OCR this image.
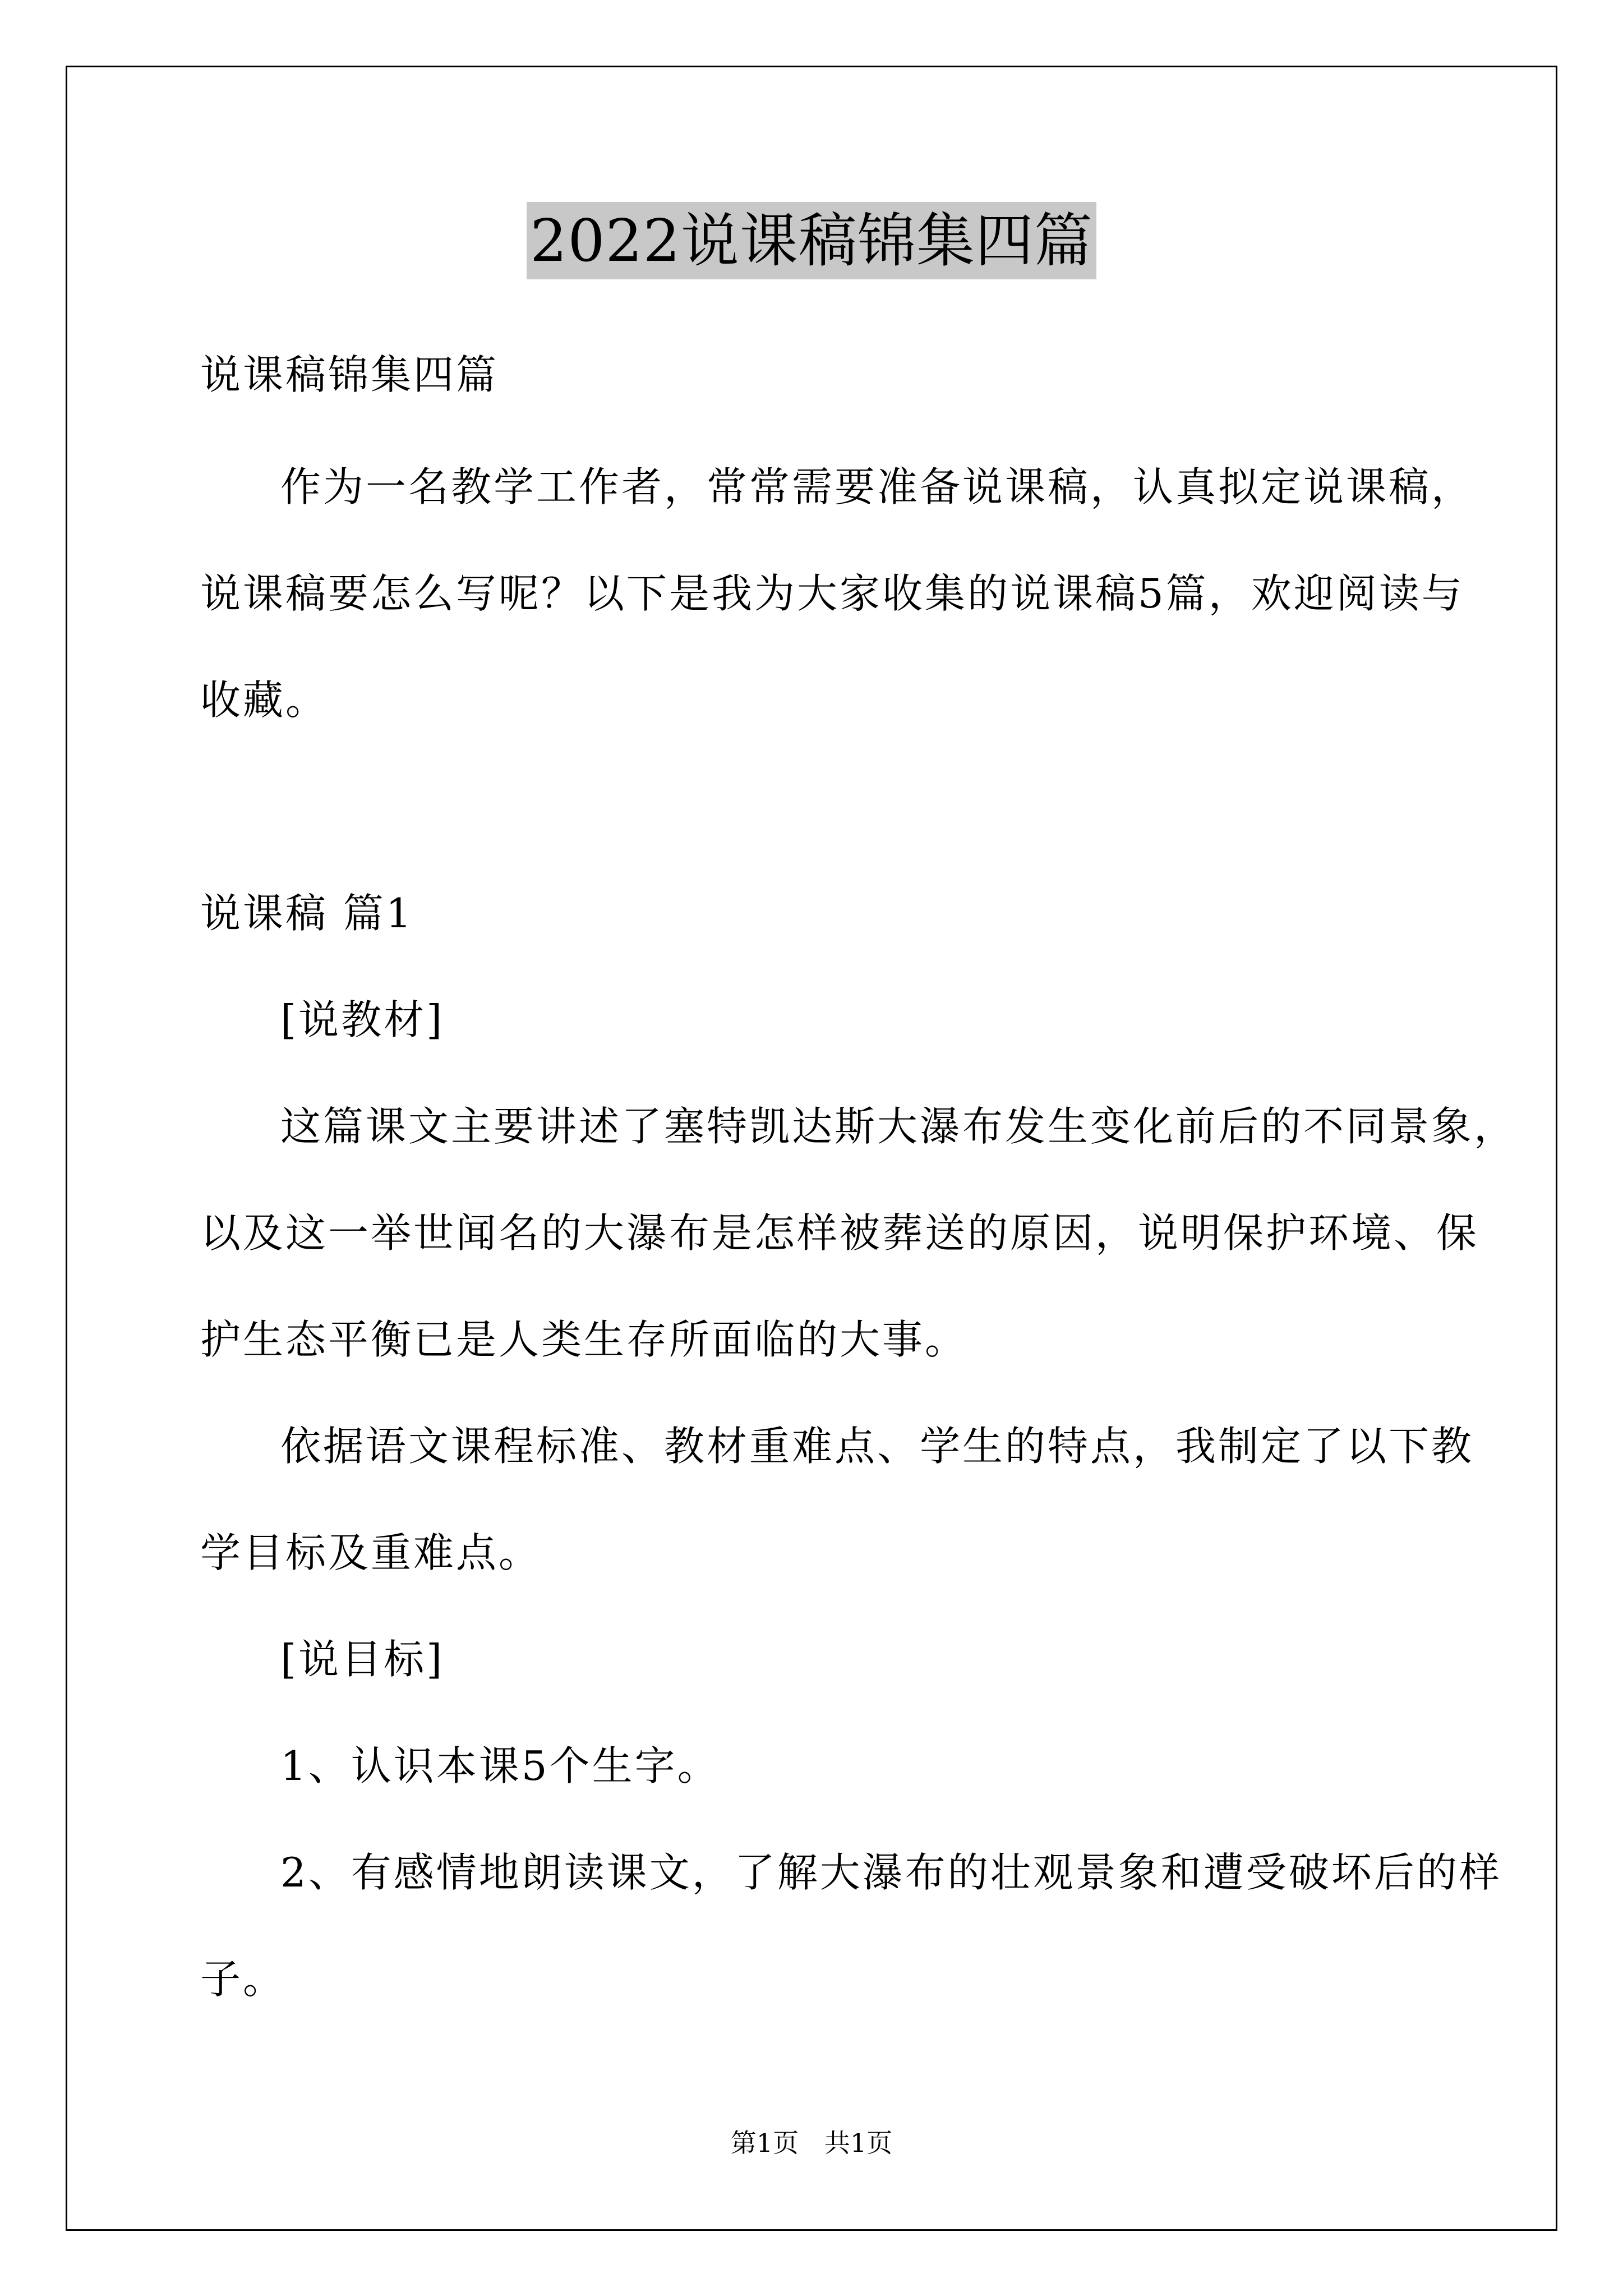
2022说课稿锦集四篇
说课稿锦集四篇
作为一名教学工作者，常常需要准备说课稿，认真拟定说课稿，
说课稿要怎么写呢？以下是我为大家收集的说课稿5篇，欢迎阅读与
收藏。
说课稿 篇1
[说教材]
这篇课文主要讲述了塞特凯达斯大瀑布发生变化前后的不同景象，
以及这一举世闻名的大瀑布是怎样被葬送的原因，说明保护环境、保
护生态平衡已是人类生存所面临的大事。
依据语文课程标准、教材重难点、学生的特点，我制定了以下教
学目标及重难点。
[说目标]
1、认识本课5个生字。
2、有感情地朗读课文，了解大瀑布的壮观景象和遭受破坏后的样
子。
第1页　共1页
